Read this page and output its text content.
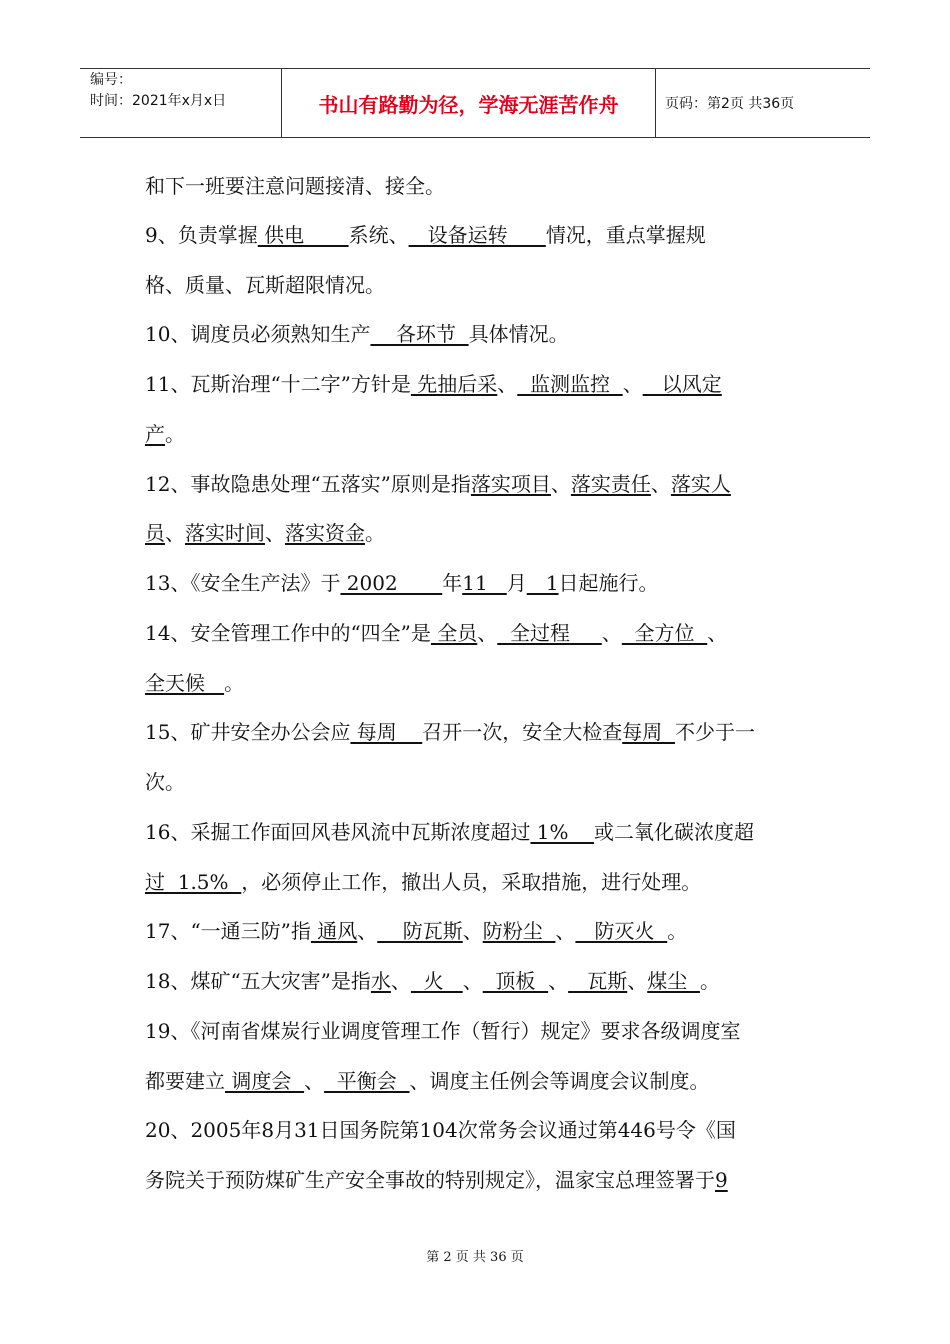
编号：
时间：2021年x月x日	书山有路勤为径，学海无涯苦作舟	页码：第2页 共36页
和下一班要注意问题接清、接全。
9、负责掌握 供电       系统、   设备运转      情况，重点掌握规
格、质量、瓦斯超限情况。
10、调度员必须熟知生产    各环节  具体情况。
11、瓦斯治理“十二字”方针是 先抽后采、  监测监控  、   以风定
产。
12、事故隐患处理“五落实”原则是指落实项目、落实责任、落实人
员、落实时间、落实资金。
13、《安全生产法》于 2002       年11   月   1日起施行。
14、安全管理工作中的“四全”是 全员、  全过程     、  全方位  、
全天候   。
15、矿井安全办公会应 每周    召开一次，安全大检查每周  不少于一
次。
16、采掘工作面回风巷风流中瓦斯浓度超过 1%    或二氧化碳浓度超
过  1.5%  ，必须停止工作，撤出人员，采取措施，进行处理。
17、“一通三防”指 通风、    防瓦斯、防粉尘  、   防灭火  。
18、煤矿“五大灾害”是指水、  火   、  顶板  、   瓦斯、煤尘  。
19、《河南省煤炭行业调度管理工作（暂行）规定》要求各级调度室
都要建立 调度会  、  平衡会  、调度主任例会等调度会议制度。
20、2005年8月31日国务院第104次常务会议通过第446号令《国
务院关于预防煤矿生产安全事故的特别规定》，温家宝总理签署于9
第 2 页 共 36 页
